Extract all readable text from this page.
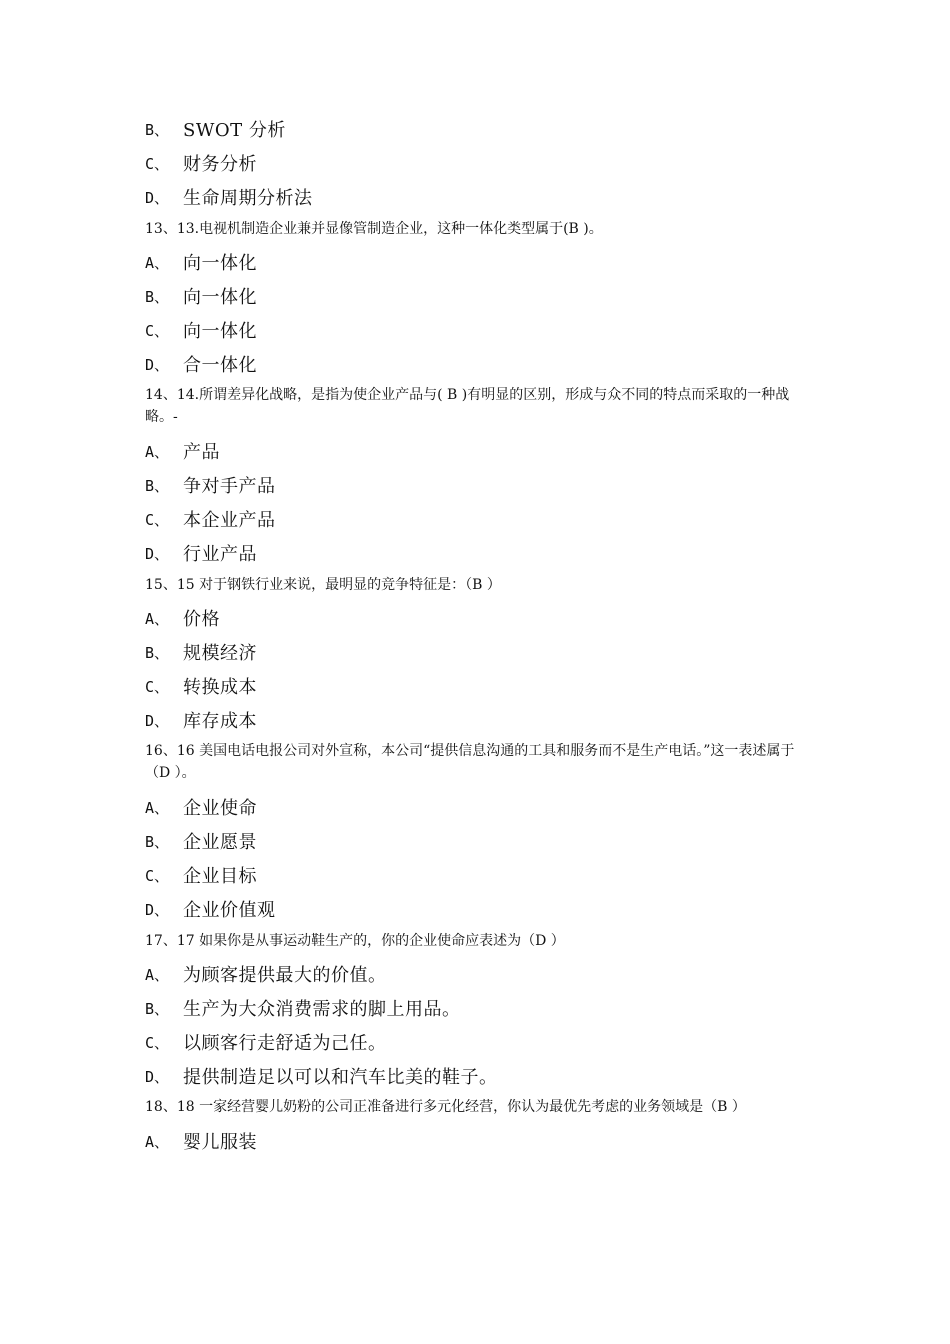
B、 SWOT 分析
C、 财务分析
D、 生命周期分析法

13、13.电视机制造企业兼并显像管制造企业，这种一体化类型属于(B )。

A、 向一体化
B、 向一体化
C、 向一体化
D、 合一体化

14、14.所谓差异化战略，是指为使企业产品与( B )有明显的区别，形成与众不同的特点而采取的一种战略。-

A、 产品
B、 争对手产品
C、 本企业产品
D、 行业产品

15、15 对于钢铁行业来说，最明显的竞争特征是：（B ）

A、 价格
B、 规模经济
C、 转换成本
D、 库存成本

16、16 美国电话电报公司对外宣称，本公司“提供信息沟通的工具和服务而不是生产电话。”这一表述属于（D ）。

A、 企业使命
B、 企业愿景
C、 企业目标
D、 企业价值观

17、17 如果你是从事运动鞋生产的，你的企业使命应表述为（D ）

A、 为顾客提供最大的价值。
B、 生产为大众消费需求的脚上用品。
C、 以顾客行走舒适为己任。
D、 提供制造足以可以和汽车比美的鞋子。

18、18 一家经营婴儿奶粉的公司正准备进行多元化经营，你认为最优先考虑的业务领域是（B ）

A、 婴儿服装
